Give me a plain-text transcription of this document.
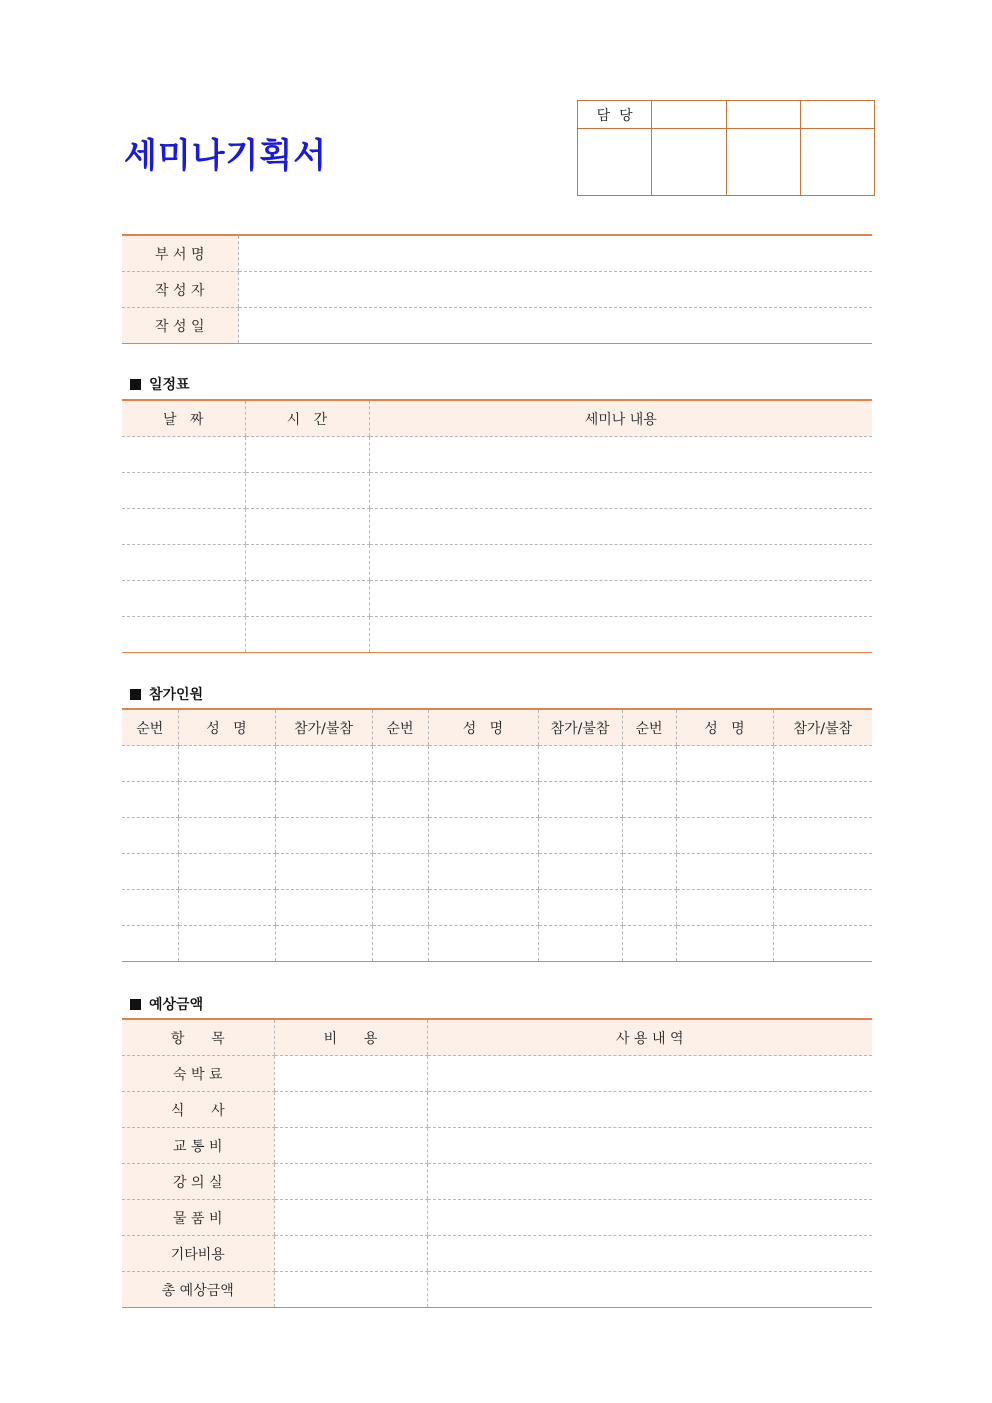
세미나기획서
담  당			

부 서 명	
작 성 자	
작 성 일	
일정표
날   짜	시   간	세미나 내용

참가인원
순번	성   명	참가/불참	순번	성   명	참가/불참	순번	성   명	참가/불참

예상금액
항      목	비      용	사 용 내 역
숙 박 료		
식      사		
교 통 비		
강 의 실		
물 품 비		
기타비용		
총 예상금액		
